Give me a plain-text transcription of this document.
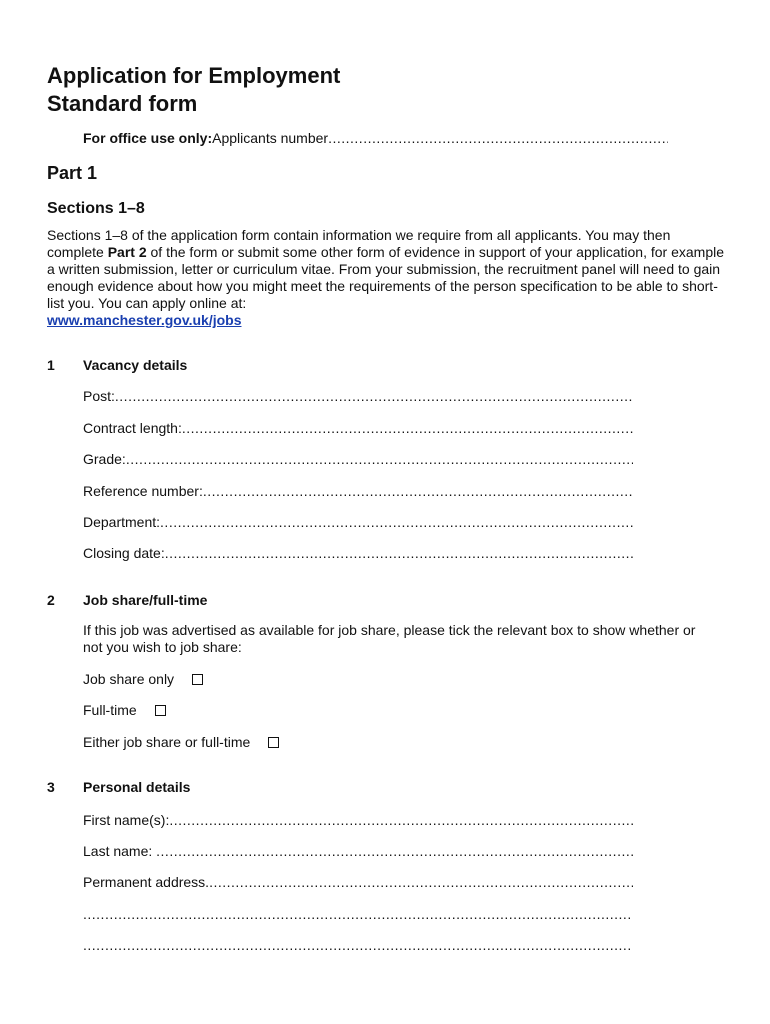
Application for Employment
Standard form
For office use only: Applicants number
.....
Part 1
Sections 1–8
Sections 1–8 of the application form contain information we require from all applicants. You may then complete Part 2 of the form or submit some other form of evidence in support of your application, for example a written submission, letter or curriculum vitae. From your submission, the recruitment panel will need to gain enough evidence about how you might meet the requirements of the person specification to be able to short-list you. You can apply online at:
www.manchester.gov.uk/jobs
1 Vacancy details
Post:
.....
Contract length:
.....
Grade:
.....
Reference number:
.....
Department:
.....
Closing date:
.....
2 Job share/full-time
If this job was advertised as available for job share, please tick the relevant box to show whether or not you wish to job share:
Job share only
Full-time
Either job share or full-time
3 Personal details
First name(s):
.....
Last name:
.....
Permanent address.
.....
.....
.....
